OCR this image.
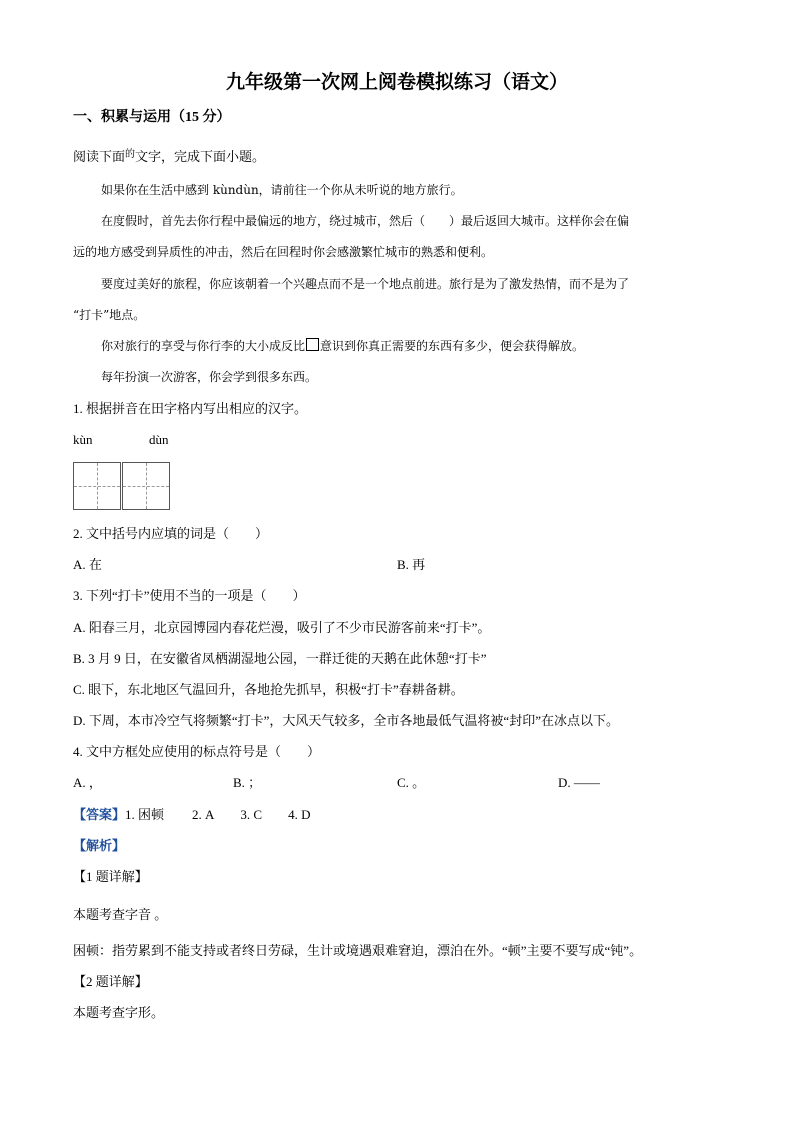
九年级第一次网上阅卷模拟练习（语文）
一、积累与运用（15 分）
阅读下面$^的$文字，完成下面小题。
如果你在生活中感到 kùndùn，请前往一个你从未听说的地方旅行。
在度假时，首先去你行程中最偏远的地方，绕过城市，然后（　　）最后返回大城市。这样你会在偏
远的地方感受到异质性的冲击，然后在回程时你会感激繁忙城市的熟悉和便利。
要度过美好的旅程，你应该朝着一个兴趣点而不是一个地点前进。旅行是为了激发热情，而不是为了
“打卡”地点。
你对旅行的享受与你行李的大小成反比 意识到你真正需要的东西有多少，便会获得解放。
每年扮演一次游客，你会学到很多东西。
1. 根据拼音在田字格内写出相应的汉字。
kùn	dùn
2. 文中括号内应填的词是（　　）
A. 在	B. 再
3. 下列“打卡”使用不当的一项是（　　）
A. 阳春三月，北京园博园内春花烂漫，吸引了不少市民游客前来“打卡”。
B. 3 月 9 日，在安徽省凤栖湖湿地公园，一群迁徙的天鹅在此休憩“打卡”
C. 眼下，东北地区气温回升，各地抢先抓早，积极“打卡”春耕备耕。
D. 下周，本市冷空气将频繁“打卡”，大风天气较多，全市各地最低气温将被“封印”在冰点以下。
4. 文中方框处应使用的标点符号是（　　）
A. ，	B. ；	C. 。	D. ——
【答案】1. 困顿 2. A 3. C 4. D
【解析】
【1 题详解】
本题考查字音 。
困顿：指劳累到不能支持或者终日劳碌，生计或境遇艰难窘迫，漂泊在外。“顿”主要不要写成“钝”。
【2 题详解】
本题考查字形。
